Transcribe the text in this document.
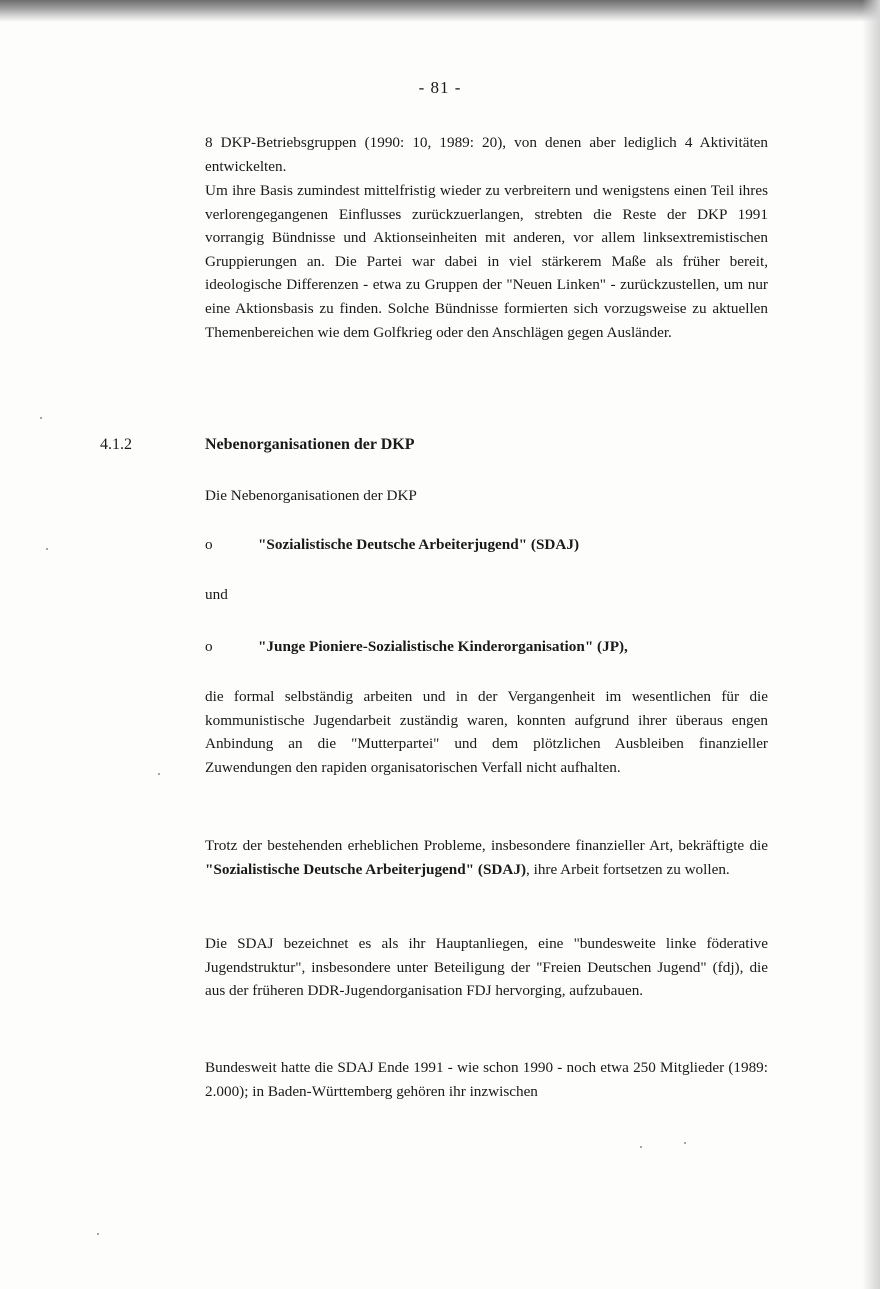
- 81 -

8 DKP-Betriebsgruppen (1990: 10, 1989: 20), von denen aber lediglich 4 Aktivitäten entwickelten.

Um ihre Basis zumindest mittelfristig wieder zu verbreitern und wenigstens einen Teil ihres verlorengegangenen Einflusses zurückzuerlangen, strebten die Reste der DKP 1991 vorrangig Bündnisse und Aktionseinheiten mit anderen, vor allem linksextremistischen Gruppierungen an. Die Partei war dabei in viel stärkerem Maße als früher bereit, ideologische Differenzen - etwa zu Gruppen der "Neuen Linken" - zurückzustellen, um nur eine Aktionsbasis zu finden. Solche Bündnisse formierten sich vorzugsweise zu aktuellen Themenbereichen wie dem Golfkrieg oder den Anschlägen gegen Ausländer.

4.1.2	Nebenorganisationen der DKP

Die Nebenorganisationen der DKP

o	"Sozialistische Deutsche Arbeiterjugend" (SDAJ)
und
o	"Junge Pioniere-Sozialistische Kinderorganisation" (JP),

die formal selbständig arbeiten und in der Vergangenheit im wesentlichen für die kommunistische Jugendarbeit zuständig waren, konnten aufgrund ihrer überaus engen Anbindung an die "Mutterpartei" und dem plötzlichen Ausbleiben finanzieller Zuwendungen den rapiden organisatorischen Verfall nicht aufhalten.

Trotz der bestehenden erheblichen Probleme, insbesondere finanzieller Art, bekräftigte die "Sozialistische Deutsche Arbeiterjugend" (SDAJ), ihre Arbeit fortsetzen zu wollen.

Die SDAJ bezeichnet es als ihr Hauptanliegen, eine "bundesweite linke föderative Jugendstruktur", insbesondere unter Beteiligung der "Freien Deutschen Jugend" (fdj), die aus der früheren DDR-Jugendorganisation FDJ hervorging, aufzubauen.

Bundesweit hatte die SDAJ Ende 1991 - wie schon 1990 - noch etwa 250 Mitglieder (1989: 2.000); in Baden-Württemberg gehören ihr inzwischen
